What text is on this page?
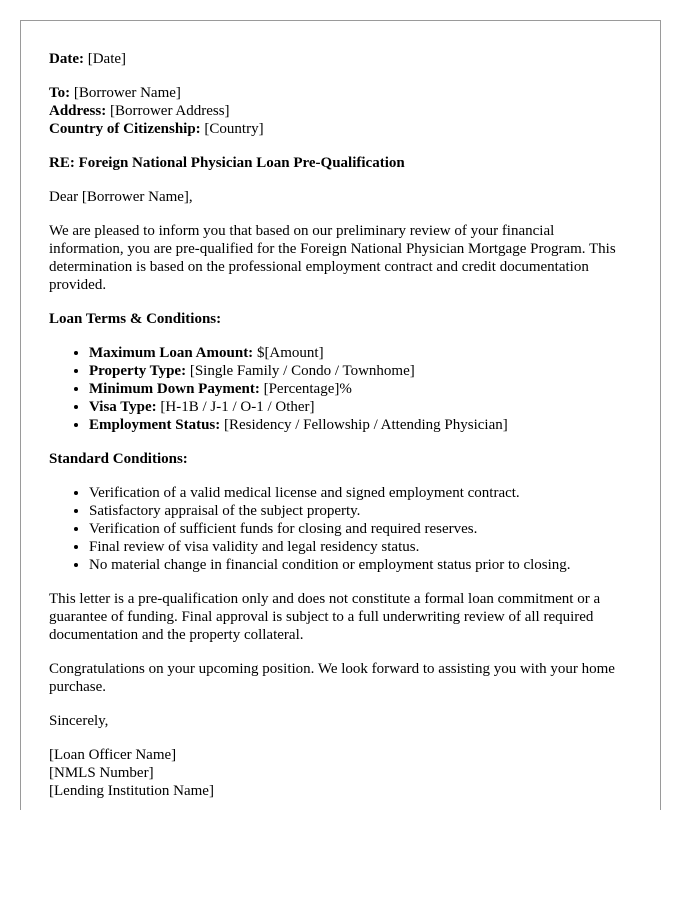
Date: [Date]

To: [Borrower Name]
Address: [Borrower Address]
Country of Citizenship: [Country]

RE: Foreign National Physician Loan Pre-Qualification

Dear [Borrower Name],

We are pleased to inform you that based on our preliminary review of your financial information, you are pre-qualified for the Foreign National Physician Mortgage Program. This determination is based on the professional employment contract and credit documentation provided.

Loan Terms & Conditions:

• Maximum Loan Amount: $[Amount]
• Property Type: [Single Family / Condo / Townhome]
• Minimum Down Payment: [Percentage]%
• Visa Type: [H-1B / J-1 / O-1 / Other]
• Employment Status: [Residency / Fellowship / Attending Physician]

Standard Conditions:

• Verification of a valid medical license and signed employment contract.
• Satisfactory appraisal of the subject property.
• Verification of sufficient funds for closing and required reserves.
• Final review of visa validity and legal residency status.
• No material change in financial condition or employment status prior to closing.

This letter is a pre-qualification only and does not constitute a formal loan commitment or a guarantee of funding. Final approval is subject to a full underwriting review of all required documentation and the property collateral.

Congratulations on your upcoming position. We look forward to assisting you with your home purchase.

Sincerely,

[Loan Officer Name]
[NMLS Number]
[Lending Institution Name]
